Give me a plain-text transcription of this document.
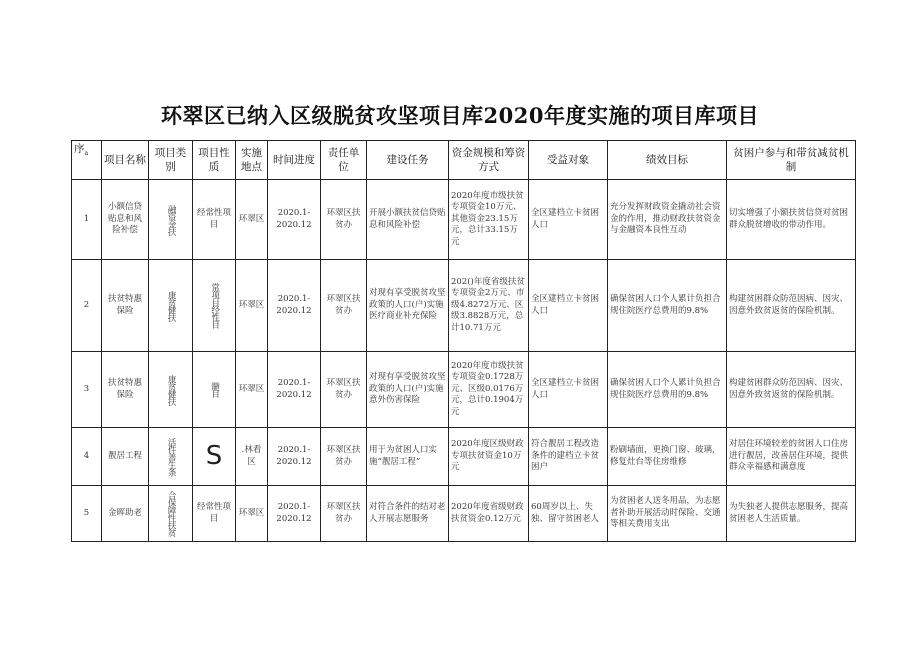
环翠区已纳入区级脱贫攻坚项目库2020年度实施的项目库项目
序$_a$	项目名称	项目类别	项目性质	实施地点	时间进度	责任单位	建设任务	资金规模和筹资方式	受益对象	绩效目标	贫困户参与和带贫减贫机制
1	小额信贷贴息和风险补偿	融资金扶	经常性项目	环翠区	2020.1-2020.12	环翠区扶贫办	开展小额扶贫信贷贴息和风险补偿	2020年度市级扶贫专项资金10万元、其他资金23.15万元，总计33.15万元	全区建档立卡贫困人口	充分发挥财政资金撬动社会资金的作用，推动财政扶贫资金与金融资本良性互动	切实增强了小额扶贫信贷对贫困群众脱贫增收的带动作用。
2	扶贫特惠保险	康贫健扶	常项目经性目	环翠区	2020.1-2020.12	环翠区扶贫办	对现有享受脱贫攻坚政策的人口(户)实施医疗商业补充保险	202()年度省级扶贫专项资金2万元、市级4.8272万元、区级3.8828万元，总计10.71万元	全区建档立卡贫困人口	确保贫困人口个人累计负担合规住院医疗总费用的9.8%	构建贫困群众防范因病、因灾、因意外致贫返贫的保险机制。
3	扶贫特惠保险	康贫健扶	髓目	环翠区	2020.1-2020.12	环翠区扶贫办	对现有享受脱贫攻坚政策的人口(户)实施意外伤害保险	2020年度市级扶贫专项资金0.1728万元、区级0.0176万元，总计0.1904万元	全区建档立卡贫困人口	确保贫困人口个人累计负担合规住院医疗总费用的9.8%	构建贫困群众防范因病、因灾、因意外致贫返贫的保险机制。
4	靓居工程	活件善生条	S	.林看区	2020.1-2020.12	环翠区扶贫办	用于为贫困人口实施“靓居工程”	2020年度区级财政专项扶贫资金10万元	符合靓居工程改造条件的建档立卡贫困户	粉刷墙面，更换门窗、玻璃，修复灶台等住房维修	对居住环境较差的贫困人口住房进行靓居，改善居住环境，提供群众幸福感和满意度
5	金晖助老	合保障性扶贫	经常性项目	环翠区	2020.1-2020.12	环翠区扶贫办	对符合条件的结对老人开展志愿服务	2020年度省级财政扶贫资金0.12万元	60周岁以上、失独、留守贫困老人	为贫困老人送冬用品，为志愿者补助开展活动时保险、交通等相关费用支出	为失独老人提供志愿服务，提高贫困老人生活质量。
